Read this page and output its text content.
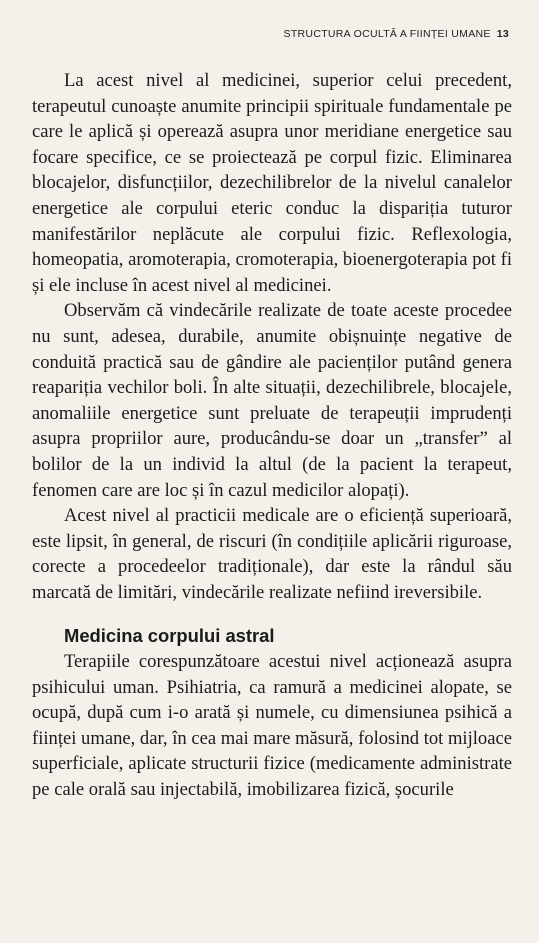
STRUCTURA OCULTĂ A FIINȚEI UMANE 13

La acest nivel al medicinei, superior celui precedent, terapeutul cunoaște anumite principii spirituale fundamentale pe care le aplică și operează asupra unor meridiane energetice sau focare specifice, ce se proiectează pe corpul fizic. Eliminarea blocajelor, disfuncțiilor, dezechilibrelor de la nivelul canalelor energetice ale corpului eteric conduc la dispariția tuturor manifestărilor neplăcute ale corpului fizic. Reflexologia, homeopatia, aromoterapia, cromoterapia, bioenergoterapia pot fi și ele incluse în acest nivel al medicinei.

Observăm că vindecările realizate de toate aceste procedee nu sunt, adesea, durabile, anumite obișnuințe negative de conduită practică sau de gândire ale pacienților putând genera reapariția vechilor boli. În alte situații, dezechilibrele, blocajele, anomaliile energetice sunt preluate de terapeuții imprudenți asupra propriilor aure, producându-se doar un „transfer” al bolilor de la un individ la altul (de la pacient la terapeut, fenomen care are loc și în cazul medicilor alopați).

Acest nivel al practicii medicale are o eficiență superioară, este lipsit, în general, de riscuri (în condițiile aplicării riguroase, corecte a procedeelor tradiționale), dar este la rândul său marcată de limitări, vindecările realizate nefiind ireversibile.

Medicina corpului astral

Terapiile corespunzătoare acestui nivel acționează asupra psihicului uman. Psihiatria, ca ramură a medicinei alopate, se ocupă, după cum i-o arată și numele, cu dimensiunea psihică a ființei umane, dar, în cea mai mare măsură, folosind tot mijloace superficiale, aplicate structurii fizice (medicamente administrate pe cale orală sau injectabilă, imobilizarea fizică, șocurile
